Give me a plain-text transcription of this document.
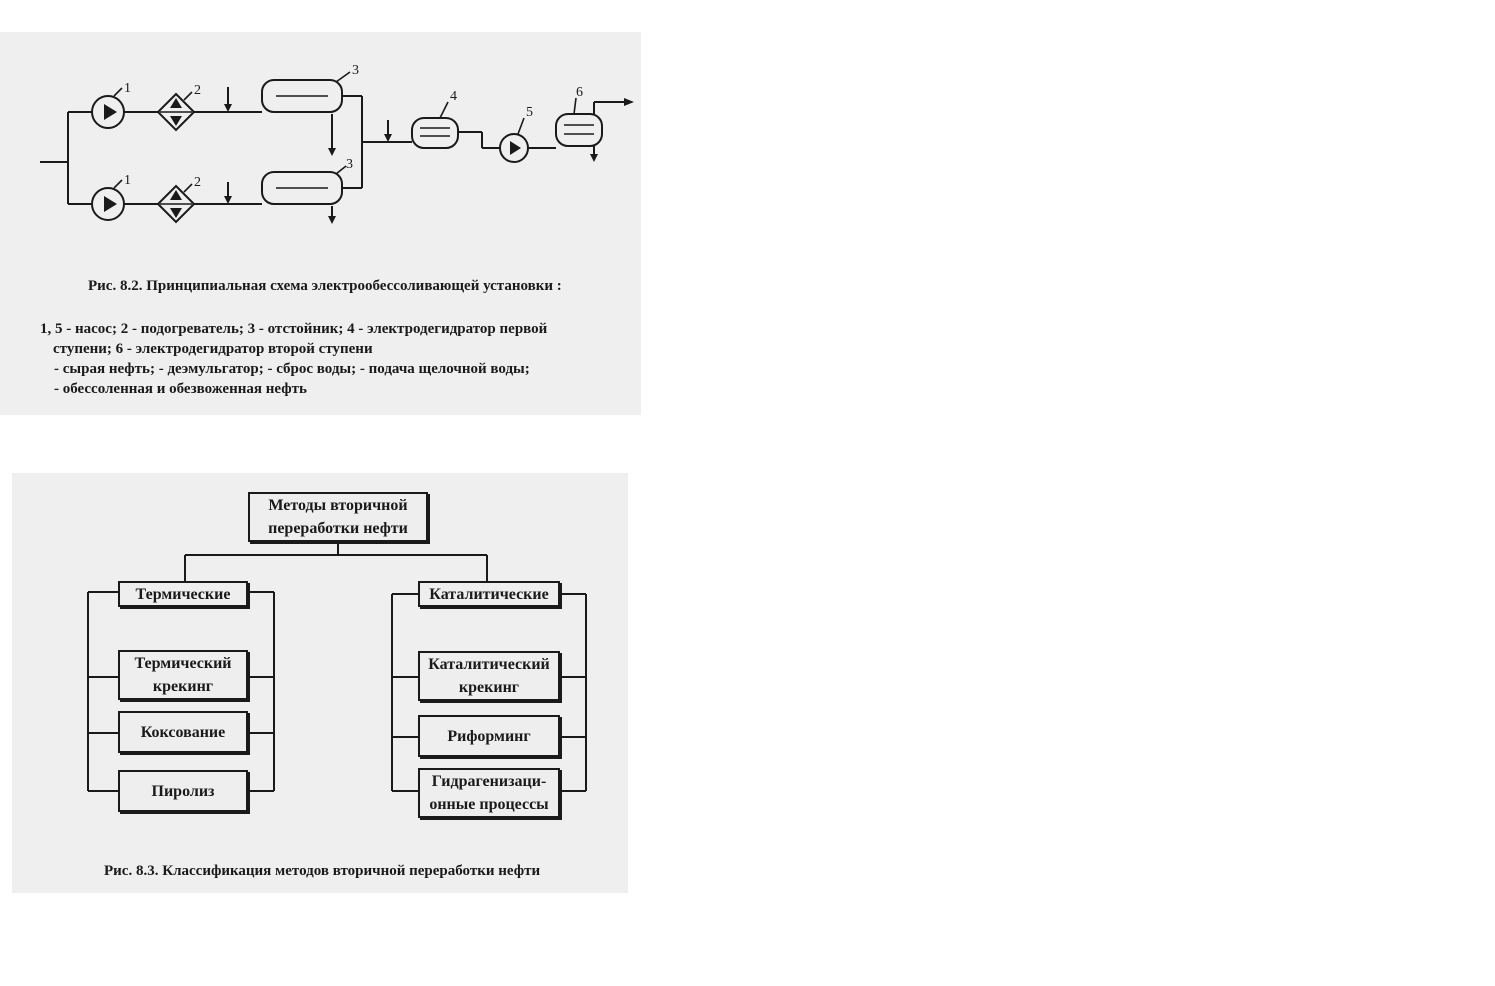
1
1
2
2
3
3
4
5
6
Рис. 8.2. Принципиальная схема электрообессоливающей установки :
1, 5 - насос; 2 - подогреватель; 3 - отстойник; 4 - электродегидратор первой
ступени; 6 - электродегидратор второй ступени
- сырая нефть; - деэмульгатор; - сброс воды; - подача щелочной воды;
- обессоленная и обезвоженная нефть
Методы вторичной
переработки нефти
Термические
Термический
крекинг
Коксование
Пиролиз
Каталитические
Каталитический
крекинг
Риформинг
Гидрагенизаци-
онные процессы
Рис. 8.3. Классификация методов вторичной переработки нефти
